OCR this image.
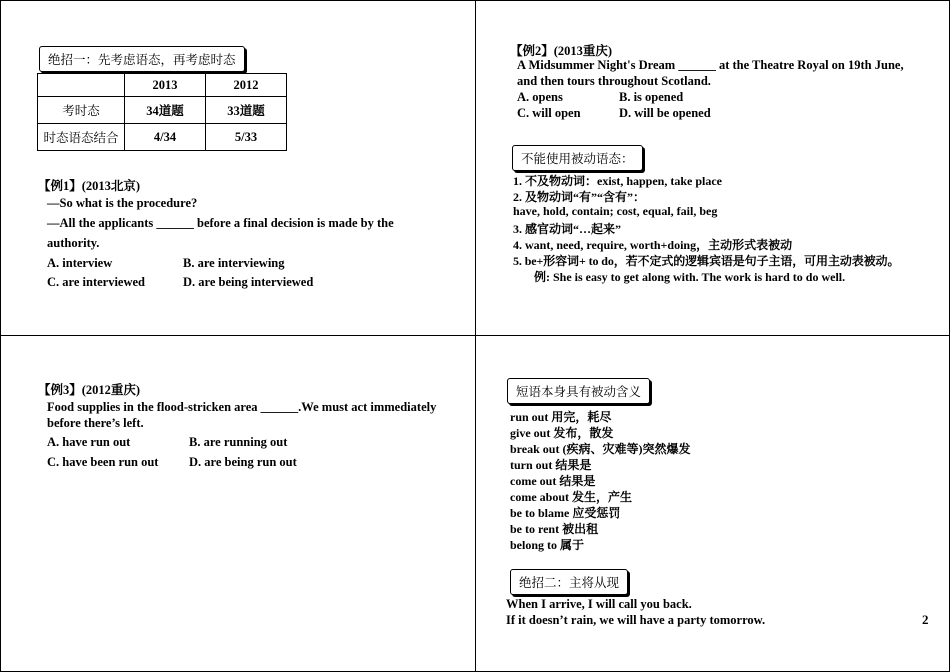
绝招一：先考虑语态，再考虑时态
	2013	2012
考时态	34道题	33道题
时态语态结合	4/34	5/33
【例1】(2013北京)
—So what is the procedure?
—All the applicants ______ before a final decision is made by the
authority.
A. interview	B. are interviewing
C. are interviewed	D. are being interviewed
【例2】(2013重庆)
A Midsummer Night's Dream ______ at the Theatre Royal on 19th June,
and then tours throughout Scotland.
A. opens	B. is opened
C. will open	D. will be opened
不能使用被动语态：
1. 不及物动词：exist, happen, take place
2. 及物动词“有”“含有”：
have, hold, contain; cost, equal, fail, beg
3. 感官动词“…起来”
4. want, need, require, worth+doing，主动形式表被动
5. be+形容词+ to do，若不定式的逻辑宾语是句子主语，可用主动表被动。
例: She is easy to get along with. The work is hard to do well.
【例3】(2012重庆)
Food supplies in the flood-stricken area ______.We must act immediately
before there’s left.
A. have run out	B. are running out
C. have been run out D. are being run out
短语本身具有被动含义
run out 用完，耗尽
give out 发布，散发
break out (疾病、灾难等)突然爆发
turn out 结果是
come out 结果是
come about 发生，产生
be to blame 应受惩罚
be to rent 被出租
belong to 属于
绝招二：主将从现
When I arrive, I will call you back.
If it doesn’t rain, we will have a party tomorrow.	2
